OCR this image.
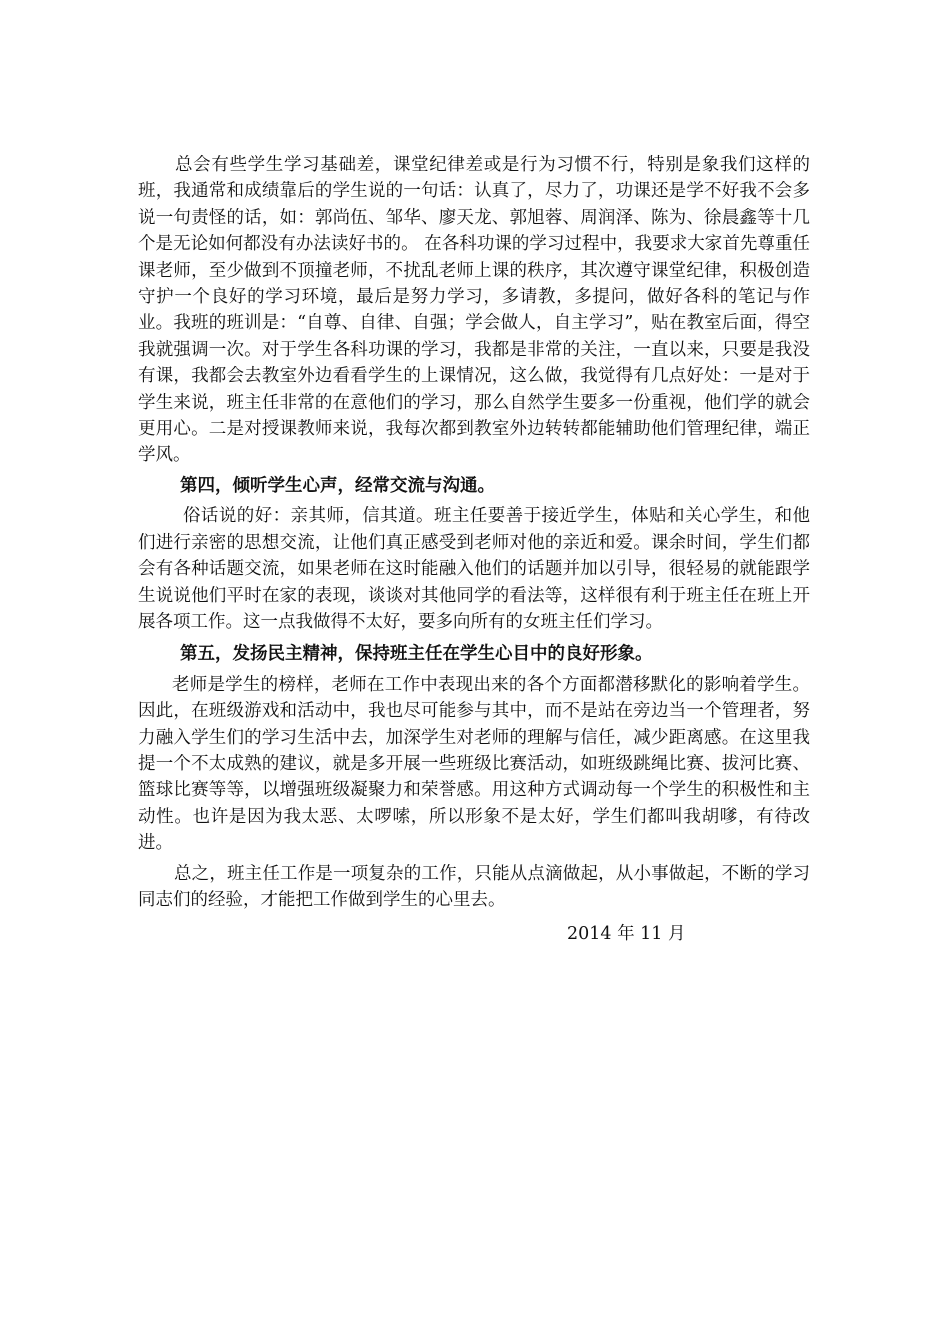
总会有些学生学习基础差，课堂纪律差或是行为习惯不行，特别是象我们这样的班，我通常和成绩靠后的学生说的一句话：认真了，尽力了，功课还是学不好我不会多说一句责怪的话，如：郭尚伍、邹华、廖天龙、郭旭蓉、周润泽、陈为、徐晨鑫等十几个是无论如何都没有办法读好书的。 在各科功课的学习过程中，我要求大家首先尊重任课老师，至少做到不顶撞老师，不扰乱老师上课的秩序，其次遵守课堂纪律，积极创造守护一个良好的学习环境，最后是努力学习，多请教，多提问，做好各科的笔记与作业。我班的班训是：“自尊、自律、自强；学会做人，自主学习”，贴在教室后面，得空我就强调一次。对于学生各科功课的学习，我都是非常的关注，一直以来，只要是我没有课，我都会去教室外边看看学生的上课情况，这么做，我觉得有几点好处：一是对于学生来说，班主任非常的在意他们的学习，那么自然学生要多一份重视，他们学的就会更用心。二是对授课教师来说，我每次都到教室外边转转都能辅助他们管理纪律，端正学风。

第四，倾听学生心声，经常交流与沟通。

俗话说的好：亲其师，信其道。班主任要善于接近学生，体贴和关心学生，和他们进行亲密的思想交流，让他们真正感受到老师对他的亲近和爱。课余时间，学生们都会有各种话题交流，如果老师在这时能融入他们的话题并加以引导，很轻易的就能跟学生说说他们平时在家的表现，谈谈对其他同学的看法等，这样很有利于班主任在班上开展各项工作。这一点我做得不太好，要多向所有的女班主任们学习。

第五，发扬民主精神，保持班主任在学生心目中的良好形象。

老师是学生的榜样，老师在工作中表现出来的各个方面都潜移默化的影响着学生。因此，在班级游戏和活动中，我也尽可能参与其中，而不是站在旁边当一个管理者，努力融入学生们的学习生活中去，加深学生对老师的理解与信任，减少距离感。在这里我提一个不太成熟的建议，就是多开展一些班级比赛活动，如班级跳绳比赛、拔河比赛、篮球比赛等等，以增强班级凝聚力和荣誉感。用这种方式调动每一个学生的积极性和主动性。也许是因为我太恶、太啰嗦，所以形象不是太好，学生们都叫我胡嗲，有待改进。

总之，班主任工作是一项复杂的工作，只能从点滴做起，从小事做起，不断的学习同志们的经验，才能把工作做到学生的心里去。

2014 年 11 月
